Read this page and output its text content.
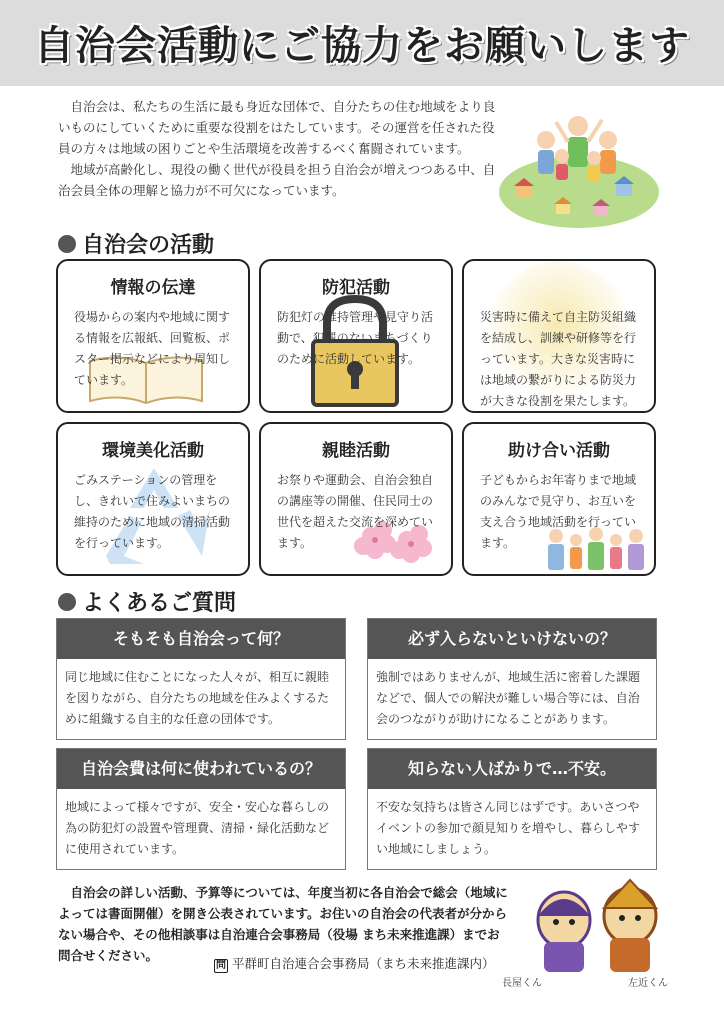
自治会活動にご協力をお願いします

自治会は、私たちの生活に最も身近な団体で、自分たちの住む地域をより良いものにしていくために重要な役割をはたしています。その運営を任された役員の方々は地域の困りごとや生活環境を改善するべく奮闘されています。

地域が高齢化し、現役の働く世代が役員を担う自治会が増えつつある中、自治会員全体の理解と協力が不可欠になっています。

自治会の活動
情報の伝達
役場からの案内や地域に関する情報を広報紙、回覧板、ポスター掲示などにより周知しています。
防犯活動
防犯灯の維持管理や見守り活動で、犯罪のないまちづくりのために活動しています。
災害時に備えて自主防災組織を結成し、訓練や研修等を行っています。大きな災害時には地域の繋がりによる防災力が大きな役割を果たします。
環境美化活動
ごみステーションの管理をし、きれいで住みよいまちの維持のために地域の清掃活動を行っています。
親睦活動
お祭りや運動会、自治会独自の講座等の開催、住民同士の世代を超えた交流を深めています。
助け合い活動
子どもからお年寄りまで地域のみんなで見守り、お互いを支え合う地域活動を行っています。
よくあるご質問
そもそも自治会って何？
同じ地域に住むことになった人々が、相互に親睦を図りながら、自分たちの地域を住みよくするために組織する自主的な任意の団体です。
必ず入らないといけないの？
強制ではありませんが、地域生活に密着した課題などで、個人での解決が難しい場合等には、自治会のつながりが助けになることがあります。
自治会費は何に使われているの？
地域によって様々ですが、安全・安心な暮らしの為の防犯灯の設置や管理費、清掃・緑化活動などに使用されています。
知らない人ばかりで…不安。
不安な気持ちは皆さん同じはずです。あいさつやイベントの参加で顔見知りを増やし、暮らしやすい地域にしましょう。

自治会の詳しい活動、予算等については、年度当初に各自治会で総会（地域によっては書面開催）を開き公表されています。お住いの自治会の代表者が分からない場合や、その他相談事は自治連合会事務局（役場 まち未来推進課）までお問合せください。

問 平群町自治連合会事務局（まち未来推進課内）
長屋くん	左近くん
